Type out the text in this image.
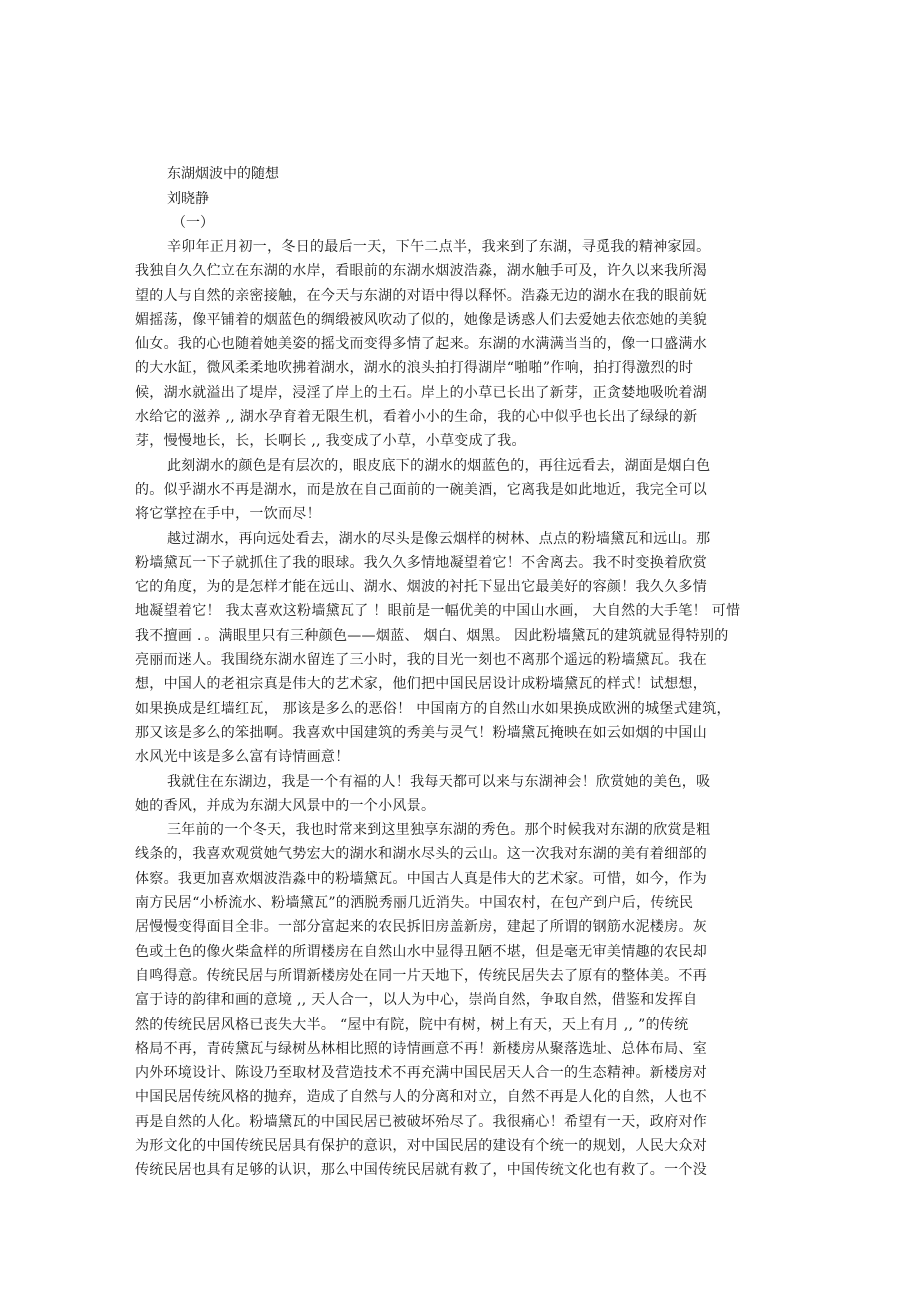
东湖烟波中的随想
刘晓静
（一）
辛卯年正月初一，冬日的最后一天，下午二点半，我来到了东湖，寻觅我的精神家园。
我独自久久伫立在东湖的水岸，看眼前的东湖水烟波浩淼，湖水触手可及，许久以来我所渴
望的人与自然的亲密接触，在今天与东湖的对语中得以释怀。浩淼无边的湖水在我的眼前妩
媚摇荡，像平铺着的烟蓝色的绸缎被风吹动了似的，她像是诱惑人们去爱她去依恋她的美貌
仙女。我的心也随着她美姿的摇戈而变得多情了起来。东湖的水满满当当的，像一口盛满水
的大水缸，微风柔柔地吹拂着湖水，湖水的浪头拍打得湖岸“啪啪”作响，拍打得激烈的时
候，湖水就溢出了堤岸，浸淫了岸上的土石。岸上的小草已长出了新芽，正贪婪地吸吮着湖
水给它的滋养 ,, 湖水孕育着无限生机，看着小小的生命，我的心中似乎也长出了绿绿的新
芽，慢慢地长，长，长啊长 ,, 我变成了小草，小草变成了我。
此刻湖水的颜色是有层次的，眼皮底下的湖水的烟蓝色的，再往远看去，湖面是烟白色
的。似乎湖水不再是湖水，而是放在自己面前的一碗美酒，它离我是如此地近，我完全可以
将它掌控在手中，一饮而尽！
越过湖水，再向远处看去，湖水的尽头是像云烟样的树林、点点的粉墙黛瓦和远山。那
粉墙黛瓦一下子就抓住了我的眼球。我久久多情地凝望着它！不舍离去。我不时变换着欣赏
它的角度，为的是怎样才能在远山、湖水、烟波的衬托下显出它最美好的容颜！我久久多情
地凝望着它！ 我太喜欢这粉墙黛瓦了 ！眼前是一幅优美的中国山水画， 大自然的大手笔！ 可惜
我不擅画 ．。满眼里只有三种颜色——烟蓝、 烟白、烟黑。 因此粉墙黛瓦的建筑就显得特别的
亮丽而迷人。我围绕东湖水留连了三小时，我的目光一刻也不离那个遥远的粉墙黛瓦。我在
想，中国人的老祖宗真是伟大的艺术家，他们把中国民居设计成粉墙黛瓦的样式！试想想，
如果换成是红墙红瓦， 那该是多么的恶俗！ 中国南方的自然山水如果换成欧洲的城堡式建筑，
那又该是多么的笨拙啊。我喜欢中国建筑的秀美与灵气！粉墙黛瓦掩映在如云如烟的中国山
水风光中该是多么富有诗情画意！
我就住在东湖边，我是一个有福的人！我每天都可以来与东湖神会！欣赏她的美色，吸
她的香风，并成为东湖大风景中的一个小风景。
三年前的一个冬天，我也时常来到这里独享东湖的秀色。那个时候我对东湖的欣赏是粗
线条的，我喜欢观赏她气势宏大的湖水和湖水尽头的云山。这一次我对东湖的美有着细部的
体察。我更加喜欢烟波浩淼中的粉墙黛瓦。中国古人真是伟大的艺术家。可惜，如今，作为
南方民居“小桥流水、粉墙黛瓦”的洒脱秀丽几近消失。中国农村，在包产到户后，传统民
居慢慢变得面目全非。一部分富起来的农民拆旧房盖新房，建起了所谓的钢筋水泥楼房。灰
色或土色的像火柴盒样的所谓楼房在自然山水中显得丑陋不堪，但是毫无审美情趣的农民却
自鸣得意。传统民居与所谓新楼房处在同一片天地下，传统民居失去了原有的整体美。不再
富于诗的韵律和画的意境 ,, 天人合一，以人为中心，崇尚自然，争取自然，借鉴和发挥自
然的传统民居风格已丧失大半。 “屋中有院，院中有树，树上有天，天上有月 ,, ”的传统
格局不再，青砖黛瓦与绿树丛林相比照的诗情画意不再！新楼房从聚落选址、总体布局、室
内外环境设计、陈设乃至取材及营造技术不再充满中国民居天人合一的生态精神。新楼房对
中国民居传统风格的抛弃，造成了自然与人的分离和对立，自然不再是人化的自然，人也不
再是自然的人化。粉墙黛瓦的中国民居已被破坏殆尽了。我很痛心！希望有一天，政府对作
为形文化的中国传统民居具有保护的意识，对中国民居的建设有个统一的规划，人民大众对
传统民居也具有足够的认识，那么中国传统民居就有救了，中国传统文化也有救了。一个没
